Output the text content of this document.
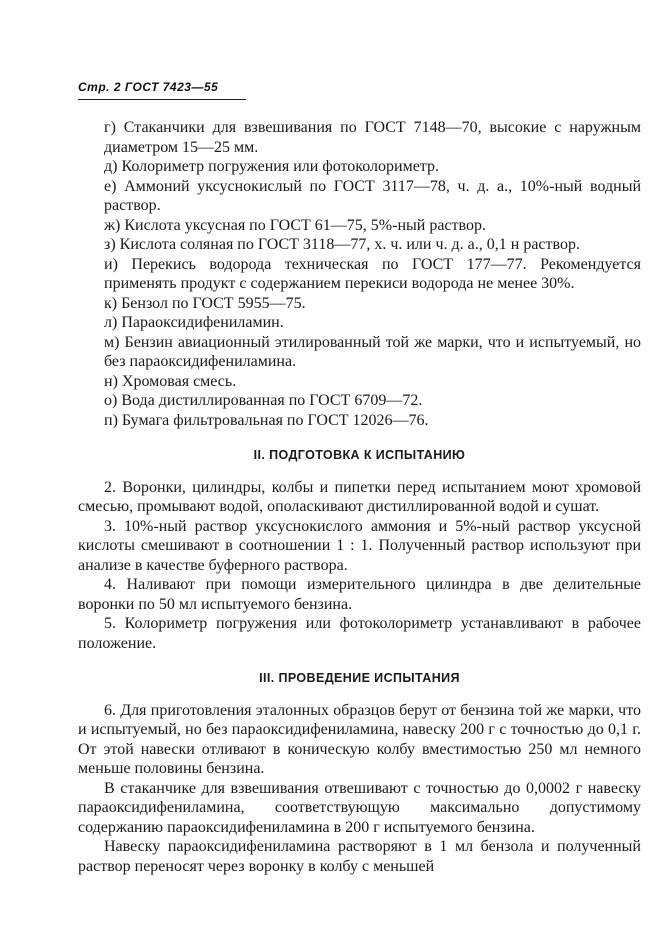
Стр. 2 ГОСТ 7423—55

г) Стаканчики для взвешивания по ГОСТ 7148—70, высокие с наружным диаметром 15—25 мм.

д) Колориметр погружения или фотоколориметр.

е) Аммоний уксуснокислый по ГОСТ 3117—78, ч. д. а., 10%-ный водный раствор.

ж) Кислота уксусная по ГОСТ 61—75, 5%-ный раствор.

з) Кислота соляная по ГОСТ 3118—77, х. ч. или ч. д. а., 0,1 н раствор.

и) Перекись водорода техническая по ГОСТ 177—77. Рекомендуется применять продукт с содержанием перекиси водорода не менее 30%.

к) Бензол по ГОСТ 5955—75.

л) Параоксидифениламин.

м) Бензин авиационный этилированный той же марки, что и испытуемый, но без параоксидифениламина.

н) Хромовая смесь.

о) Вода дистиллированная по ГОСТ 6709—72.

п) Бумага фильтровальная по ГОСТ 12026—76.

II. ПОДГОТОВКА К ИСПЫТАНИЮ

2. Воронки, цилиндры, колбы и пипетки перед испытанием моют хромовой смесью, промывают водой, ополаскивают дистиллированной водой и сушат.

3. 10%-ный раствор уксуснокислого аммония и 5%-ный раствор уксусной кислоты смешивают в соотношении 1 : 1. Полученный раствор используют при анализе в качестве буферного раствора.

4. Наливают при помощи измерительного цилиндра в две делительные воронки по 50 мл испытуемого бензина.

5. Колориметр погружения или фотоколориметр устанавливают в рабочее положение.

III. ПРОВЕДЕНИЕ ИСПЫТАНИЯ

6. Для приготовления эталонных образцов берут от бензина той же марки, что и испытуемый, но без параоксидифениламина, навеску 200 г с точностью до 0,1 г. От этой навески отливают в коническую колбу вместимостью 250 мл немного меньше половины бензина.

В стаканчике для взвешивания отвешивают с точностью до 0,0002 г навеску параоксидифениламина, соответствующую максимально допустимому содержанию параоксидифениламина в 200 г испытуемого бензина.

Навеску параоксидифениламина растворяют в 1 мл бензола и полученный раствор переносят через воронку в колбу с меньшей
